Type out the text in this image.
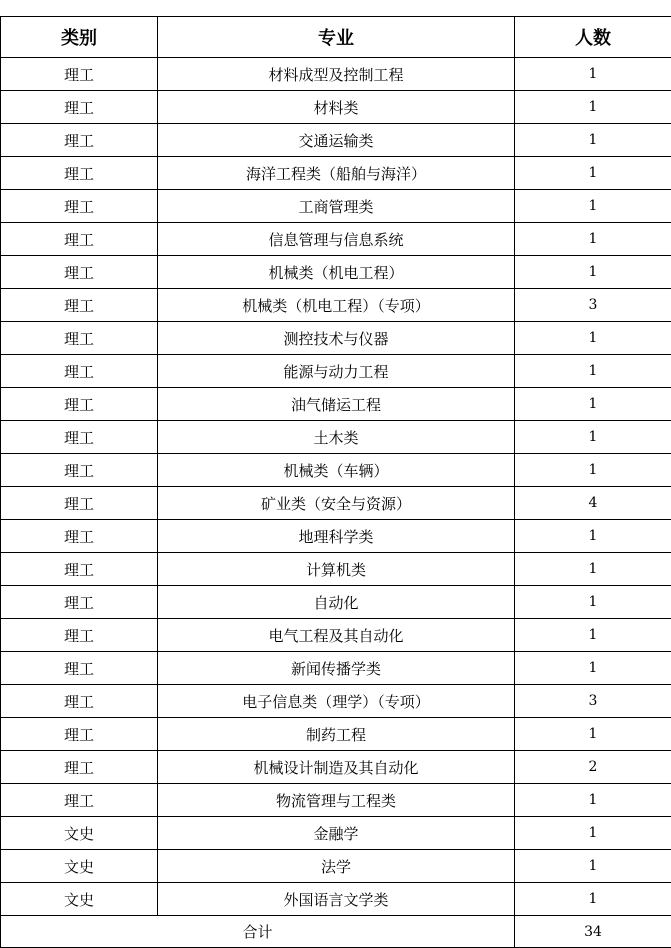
类别	专业	人数
理工	材料成型及控制工程	1
理工	材料类	1
理工	交通运输类	1
理工	海洋工程类（船舶与海洋）	1
理工	工商管理类	1
理工	信息管理与信息系统	1
理工	机械类（机电工程）	1
理工	机械类（机电工程）（专项）	3
理工	测控技术与仪器	1
理工	能源与动力工程	1
理工	油气储运工程	1
理工	土木类	1
理工	机械类（车辆）	1
理工	矿业类（安全与资源）	4
理工	地理科学类	1
理工	计算机类	1
理工	自动化	1
理工	电气工程及其自动化	1
理工	新闻传播学类	1
理工	电子信息类（理学）（专项）	3
理工	制药工程	1
理工	机械设计制造及其自动化	2
理工	物流管理与工程类	1
文史	金融学	1
文史	法学	1
文史	外国语言文学类	1
合计		34
